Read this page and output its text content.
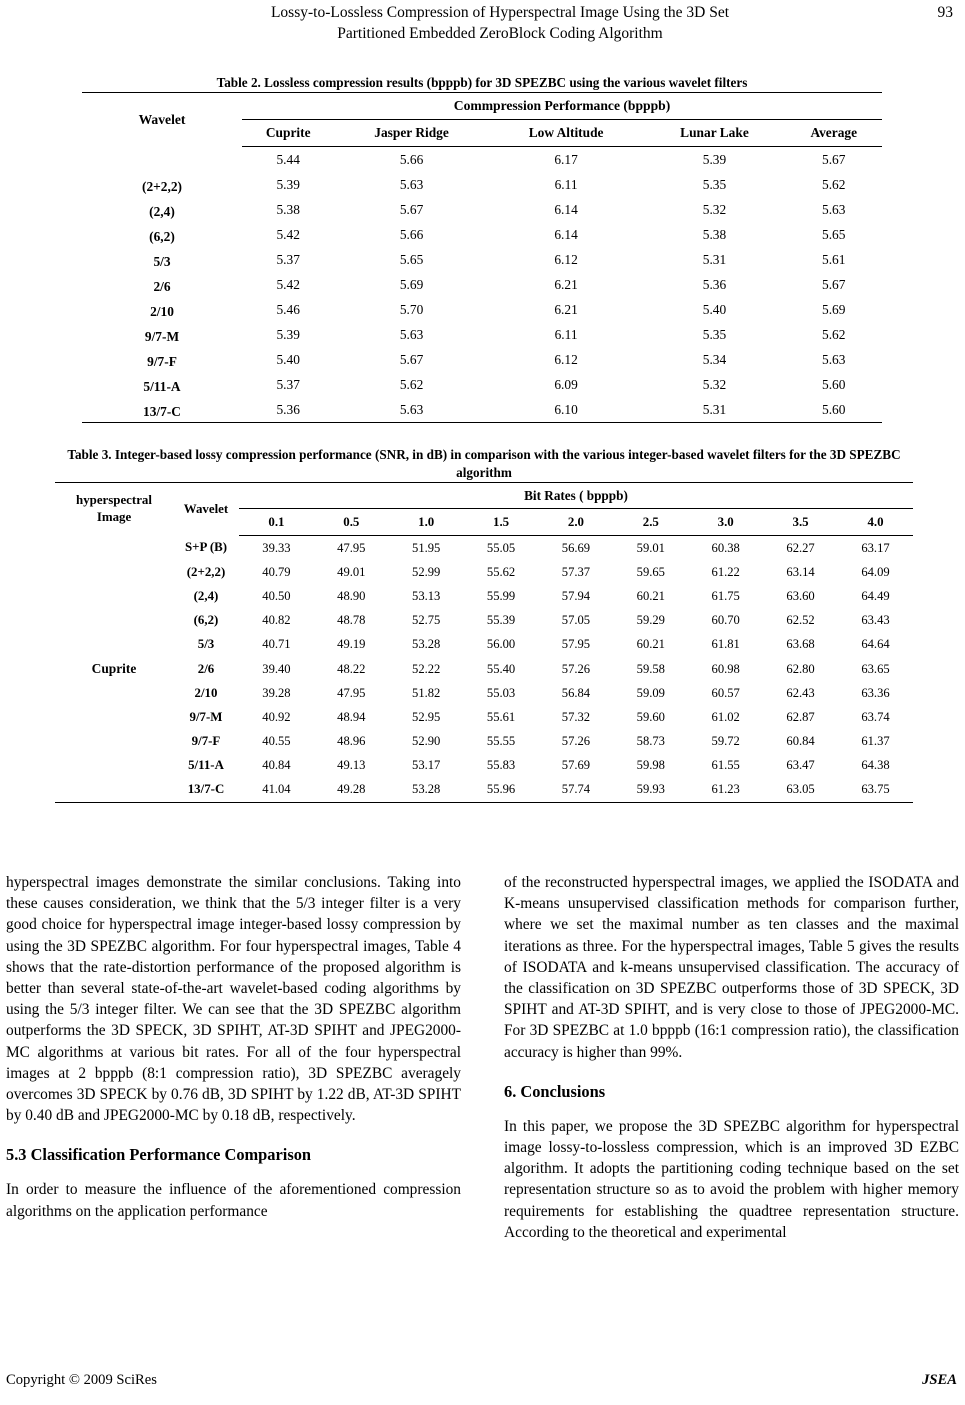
Lossy-to-Lossless Compression of Hyperspectral Image Using the 3D Set
Partitioned Embedded ZeroBlock Coding Algorithm
93
Table 2. Lossless compression results (bpppb) for 3D SPEZBC using the various wavelet filters
Wavelet	Commpression Performance (bpppb)				
	Cuprite	Jasper Ridge	Low Altitude	Lunar Lake	Average
	5.44	5.66	6.17	5.39	5.67
(2+2,2)	5.39	5.63	6.11	5.35	5.62
(2,4)	5.38	5.67	6.14	5.32	5.63
(6,2)	5.42	5.66	6.14	5.38	5.65
5/3	5.37	5.65	6.12	5.31	5.61
2/6	5.42	5.69	6.21	5.36	5.67
2/10	5.46	5.70	6.21	5.40	5.69
9/7-M	5.39	5.63	6.11	5.35	5.62
9/7-F	5.40	5.67	6.12	5.34	5.63
5/11-A	5.37	5.62	6.09	5.32	5.60
13/7-C	5.36	5.63	6.10	5.31	5.60
Table 3. Integer-based lossy compression performance (SNR, in dB) in comparison with the various integer-based wavelet filters for the 3D SPEZBC algorithm
hyperspectral
Image	Wavelet	Bit Rates ( bpppb)								
		0.1	0.5	1.0	1.5	2.0	2.5	3.0	3.5	4.0
Cuprite	S+P (B)	39.33	47.95	51.95	55.05	56.69	59.01	60.38	62.27	63.17
	(2+2,2)	40.79	49.01	52.99	55.62	57.37	59.65	61.22	63.14	64.09
	(2,4)	40.50	48.90	53.13	55.99	57.94	60.21	61.75	63.60	64.49
	(6,2)	40.82	48.78	52.75	55.39	57.05	59.29	60.70	62.52	63.43
	5/3	40.71	49.19	53.28	56.00	57.95	60.21	61.81	63.68	64.64
	2/6	39.40	48.22	52.22	55.40	57.26	59.58	60.98	62.80	63.65
	2/10	39.28	47.95	51.82	55.03	56.84	59.09	60.57	62.43	63.36
	9/7-M	40.92	48.94	52.95	55.61	57.32	59.60	61.02	62.87	63.74
	9/7-F	40.55	48.96	52.90	55.55	57.26	58.73	59.72	60.84	61.37
	5/11-A	40.84	49.13	53.17	55.83	57.69	59.98	61.55	63.47	64.38
	13/7-C	41.04	49.28	53.28	55.96	57.74	59.93	61.23	63.05	63.75

hyperspectral images demonstrate the similar conclusions. Taking into these causes consideration, we think that the 5/3 integer filter is a very good choice for hyperspectral image integer-based lossy compression by using the 3D SPEZBC algorithm. For four hyperspectral images, Table 4 shows that the rate-distortion performance of the proposed algorithm is better than several state-of-the-art wavelet-based coding algorithms by using the 5/3 integer filter. We can see that the 3D SPEZBC algorithm outperforms the 3D SPECK, 3D SPIHT, AT-3D SPIHT and JPEG2000-MC algorithms at various bit rates. For all of the four hyperspectral images at 2 bpppb (8:1 compression ratio), 3D SPEZBC averagely overcomes 3D SPECK by 0.76 dB, 3D SPIHT by 1.22 dB, AT-3D SPIHT by 0.40 dB and JPEG2000-MC by 0.18 dB, respectively.

5.3 Classification Performance Comparison

In order to measure the influence of the aforementioned compression algorithms on the application performance

of the reconstructed hyperspectral images, we applied the ISODATA and K-means unsupervised classification methods for comparison further, where we set the maximal number as ten classes and the maximal iterations as three. For the hyperspectral images, Table 5 gives the results of ISODATA and k-means unsupervised classification. The accuracy of the classification on 3D SPEZBC outperforms those of 3D SPECK, 3D SPIHT and AT-3D SPIHT, and is very close to those of JPEG2000-MC. For 3D SPEZBC at 1.0 bpppb (16:1 compression ratio), the classification accuracy is higher than 99%.

6. Conclusions

In this paper, we propose the 3D SPEZBC algorithm for hyperspectral image lossy-to-lossless compression, which is an improved 3D EZBC algorithm. It adopts the partitioning coding technique based on the set representation structure so as to avoid the problem with higher memory requirements for establishing the quadtree representation structure. According to the theoretical and experimental

Copyright © 2009 SciRes	JSEA
